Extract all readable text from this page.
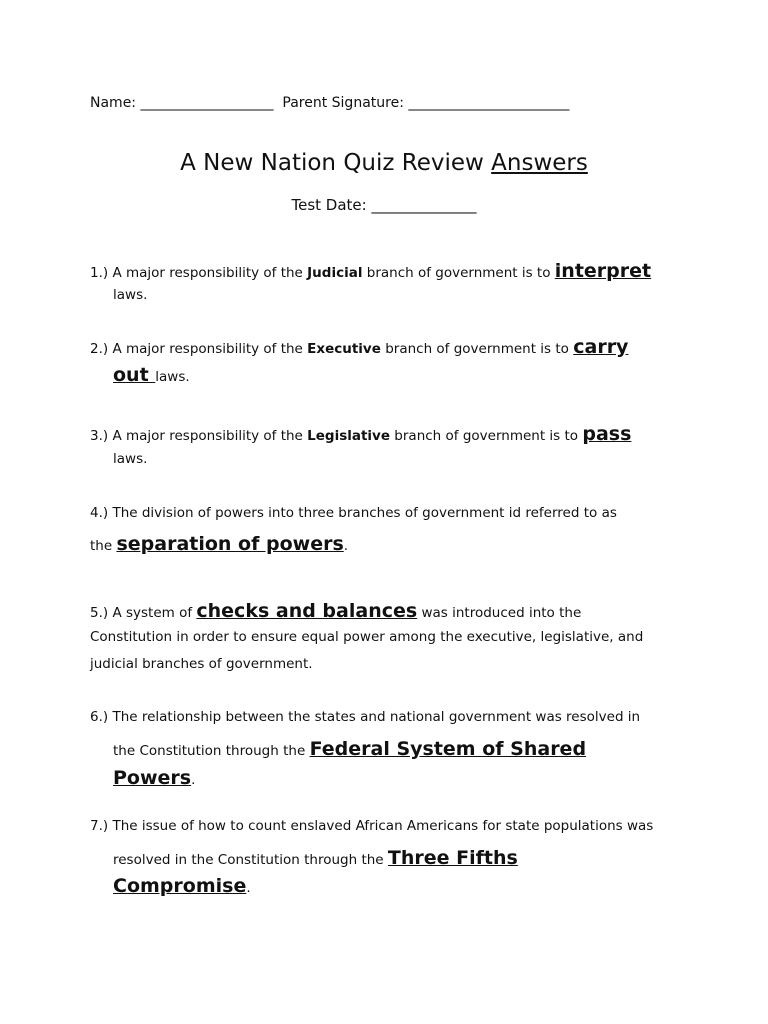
Name: ___________________ Parent Signature: _______________________
A New Nation Quiz Review Answers
Test Date: ______________
1.) A major responsibility of the Judicial branch of government is to interpret
laws.
2.) A major responsibility of the Executive branch of government is to carry
out laws.
3.) A major responsibility of the Legislative branch of government is to pass
laws.
4.) The division of powers into three branches of government id referred to as
the separation of powers.
5.) A system of checks and balances was introduced into the
Constitution in order to ensure equal power among the executive, legislative, and
judicial branches of government.
6.) The relationship between the states and national government was resolved in
the Constitution through the Federal System of Shared
Powers.
7.) The issue of how to count enslaved African Americans for state populations was
resolved in the Constitution through the Three Fifths
Compromise.
